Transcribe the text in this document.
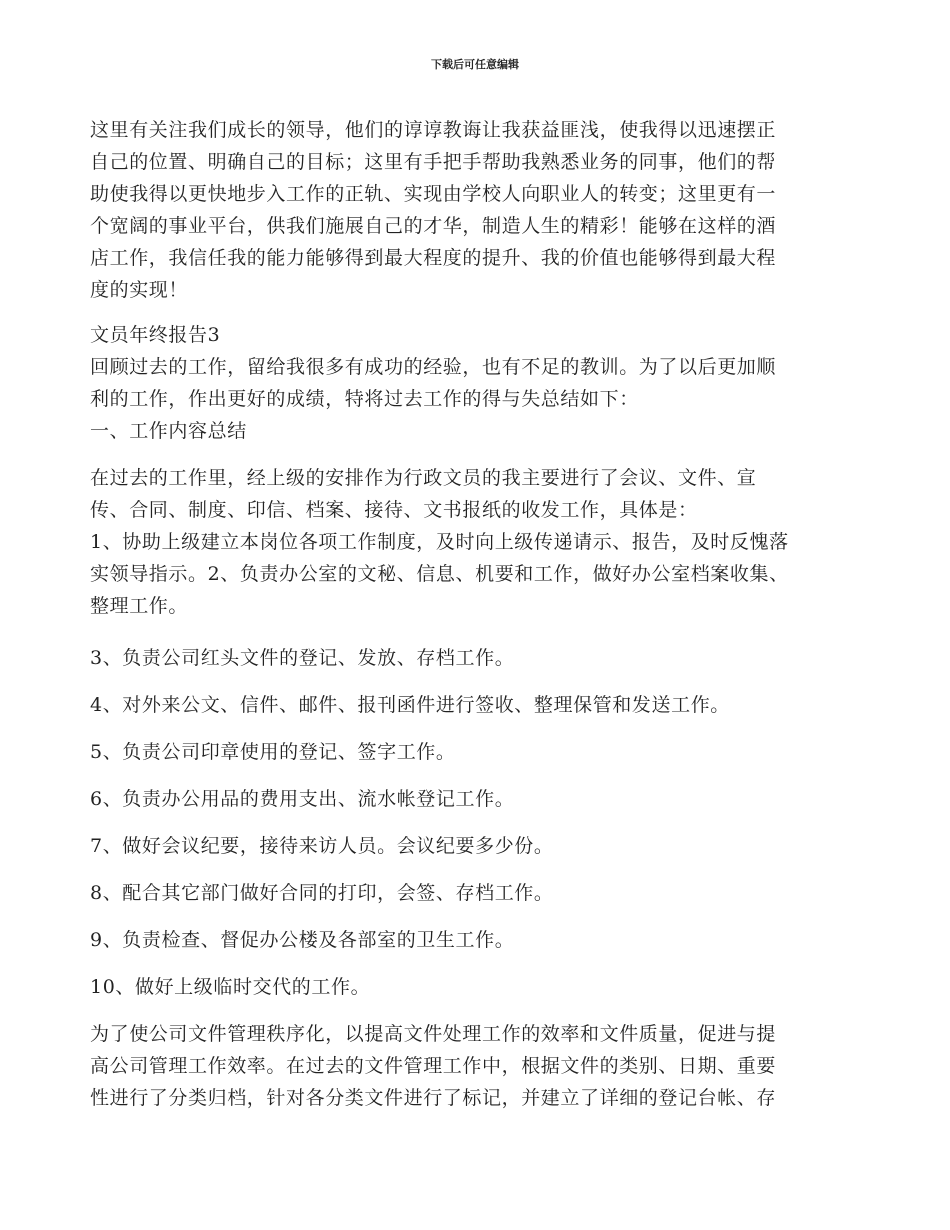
下载后可任意编辑
这里有关注我们成长的领导，他们的谆谆教诲让我获益匪浅，使我得以迅速摆正
自己的位置、明确自己的目标；这里有手把手帮助我熟悉业务的同事，他们的帮
助使我得以更快地步入工作的正轨、实现由学校人向职业人的转变；这里更有一
个宽阔的事业平台，供我们施展自己的才华，制造人生的精彩！能够在这样的酒
店工作，我信任我的能力能够得到最大程度的提升、我的价值也能够得到最大程
度的实现！
文员年终报告3
回顾过去的工作，留给我很多有成功的经验，也有不足的教训。为了以后更加顺
利的工作，作出更好的成绩，特将过去工作的得与失总结如下：
一、工作内容总结
在过去的工作里，经上级的安排作为行政文员的我主要进行了会议、文件、宣
传、合同、制度、印信、档案、接待、文书报纸的收发工作，具体是：
1、协助上级建立本岗位各项工作制度，及时向上级传递请示、报告，及时反愧落
实领导指示。2、负责办公室的文秘、信息、机要和工作，做好办公室档案收集、
整理工作。
3、负责公司红头文件的登记、发放、存档工作。
4、对外来公文、信件、邮件、报刊函件进行签收、整理保管和发送工作。
5、负责公司印章使用的登记、签字工作。
6、负责办公用品的费用支出、流水帐登记工作。
7、做好会议纪要，接待来访人员。会议纪要多少份。
8、配合其它部门做好合同的打印，会签、存档工作。
9、负责检查、督促办公楼及各部室的卫生工作。
10、做好上级临时交代的工作。
为了使公司文件管理秩序化，以提高文件处理工作的效率和文件质量，促进与提
高公司管理工作效率。在过去的文件管理工作中，根据文件的类别、日期、重要
性进行了分类归档，针对各分类文件进行了标记，并建立了详细的登记台帐、存
